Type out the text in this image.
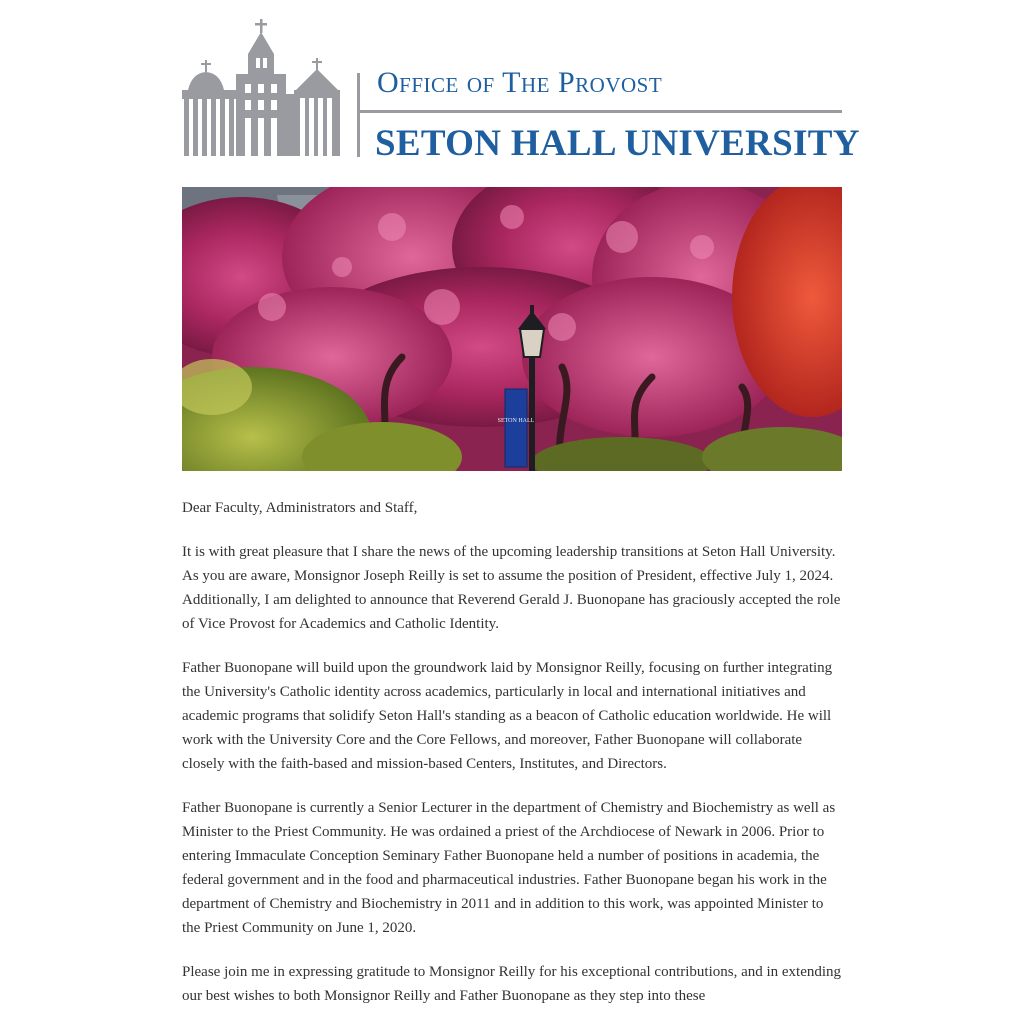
Office of The Provost
SETON HALL UNIVERSITY
SETON HALL

Dear Faculty, Administrators and Staff,

It is with great pleasure that I share the news of the upcoming leadership transitions at Seton Hall University. As you are aware, Monsignor Joseph Reilly is set to assume the position of President, effective July 1, 2024. Additionally, I am delighted to announce that Reverend Gerald J. Buonopane has graciously accepted the role of Vice Provost for Academics and Catholic Identity.

Father Buonopane will build upon the groundwork laid by Monsignor Reilly, focusing on further integrating the University's Catholic identity across academics, particularly in local and international initiatives and academic programs that solidify Seton Hall's standing as a beacon of Catholic education worldwide. He will work with the University Core and the Core Fellows, and moreover, Father Buonopane will collaborate closely with the faith-based and mission-based Centers, Institutes, and Directors.

Father Buonopane is currently a Senior Lecturer in the department of Chemistry and Biochemistry as well as Minister to the Priest Community. He was ordained a priest of the Archdiocese of Newark in 2006. Prior to entering Immaculate Conception Seminary Father Buonopane held a number of positions in academia, the federal government and in the food and pharmaceutical industries. Father Buonopane began his work in the department of Chemistry and Biochemistry in 2011 and in addition to this work, was appointed Minister to the Priest Community on June 1, 2020.

Please join me in expressing gratitude to Monsignor Reilly for his exceptional contributions, and in extending our best wishes to both Monsignor Reilly and Father Buonopane as they step into these
